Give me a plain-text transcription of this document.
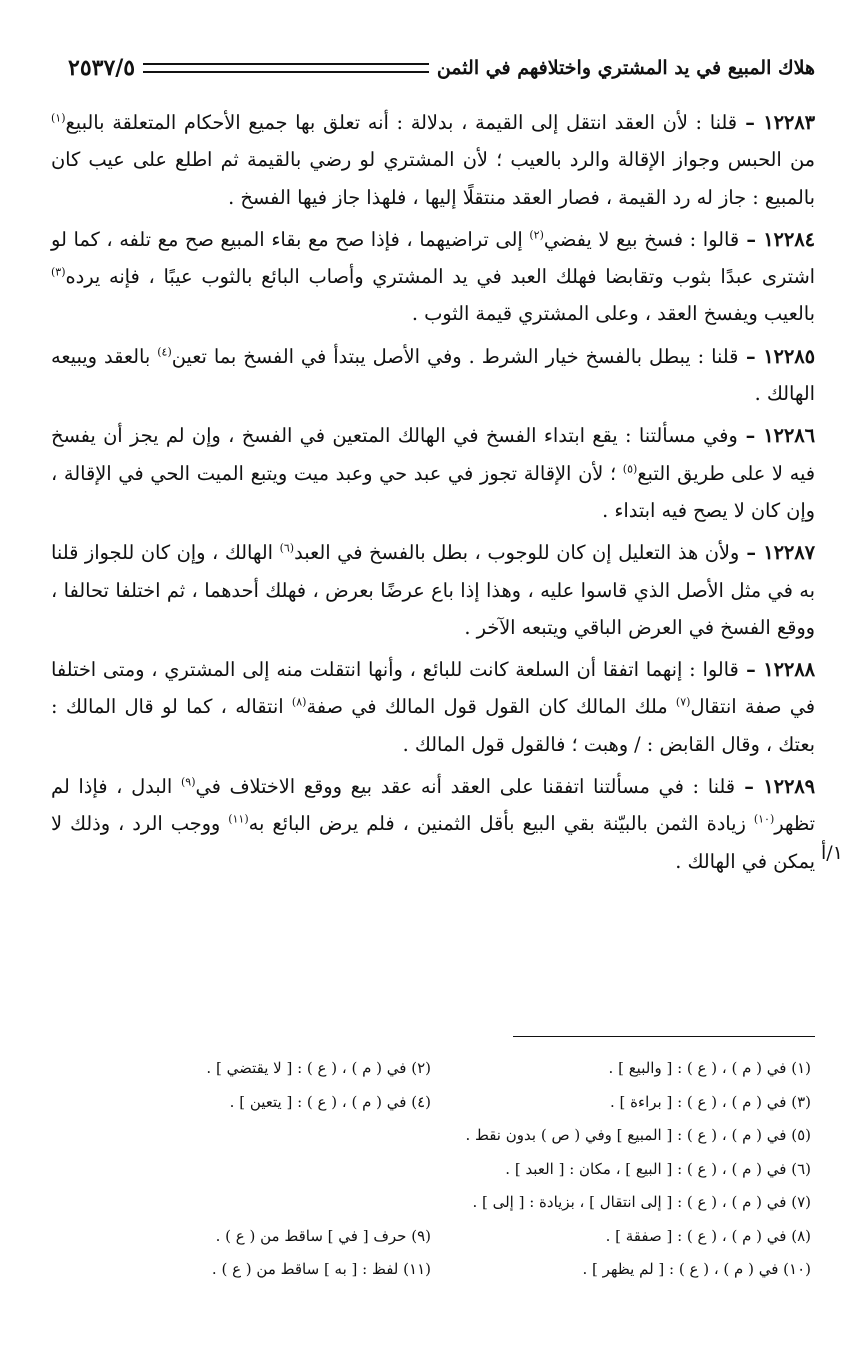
هلاك المبيع في يد المشتري واختلافهم في الثمن
٢٥٣٧/٥
١/أ

١٢٢٨٣ – قلنا : لأن العقد انتقل إلى القيمة ، بدلالة : أنه تعلق بها جميع الأحكام المتعلقة بالبيع$^{(١)}$ من الحبس وجواز الإقالة والرد بالعيب ؛ لأن المشتري لو رضي بالقيمة ثم اطلع على عيب كان بالمبيع : جاز له رد القيمة ، فصار العقد منتقلًا إليها ، فلهذا جاز فيها الفسخ .

١٢٢٨٤ – قالوا : فسخ بيع لا يفضي$^{(٢)}$ إلى تراضيهما ، فإذا صح مع بقاء المبيع صح مع تلفه ، كما لو اشترى عبدًا بثوب وتقابضا فهلك العبد في يد المشتري وأصاب البائع بالثوب عيبًا ، فإنه يرده$^{(٣)}$ بالعيب ويفسخ العقد ، وعلى المشتري قيمة الثوب .

١٢٢٨٥ – قلنا : يبطل بالفسخ خيار الشرط . وفي الأصل يبتدأ في الفسخ بما تعين$^{(٤)}$ بالعقد ويبيعه الهالك .

١٢٢٨٦ – وفي مسألتنا : يقع ابتداء الفسخ في الهالك المتعين في الفسخ ، وإن لم يجز أن يفسخ فيه لا على طريق التبع$^{(٥)}$ ؛ لأن الإقالة تجوز في عبد حي وعبد ميت ويتبع الميت الحي في الإقالة ، وإن كان لا يصح فيه ابتداء .

١٢٢٨٧ – ولأن هذ التعليل إن كان للوجوب ، بطل بالفسخ في العبد$^{(٦)}$ الهالك ، وإن كان للجواز قلنا به في مثل الأصل الذي قاسوا عليه ، وهذا إذا باع عرضًا بعرض ، فهلك أحدهما ، ثم اختلفا تحالفا ، ووقع الفسخ في العرض الباقي ويتبعه الآخر .

١٢٢٨٨ – قالوا : إنهما اتفقا أن السلعة كانت للبائع ، وأنها انتقلت منه إلى المشتري ، ومتى اختلفا في صفة انتقال$^{(٧)}$ ملك المالك كان القول قول المالك في صفة$^{(٨)}$ انتقاله ، كما لو قال المالك : بعتك ، وقال القابض : / وهبت ؛ فالقول قول المالك .

١٢٢٨٩ – قلنا : في مسألتنا اتفقنا على العقد أنه عقد بيع ووقع الاختلاف في$^{(٩)}$ البدل ، فإذا لم تظهر$^{(١٠)}$ زيادة الثمن بالبيّنة بقي البيع بأقل الثمنين ، فلم يرض البائع به$^{(١١)}$ ووجب الرد ، وذلك لا يمكن في الهالك .

(١) في ( م ) ، ( ع ) : [ والبيع ] .
(٢) في ( م ) ، ( ع ) : [ لا يقتضي ] .
(٣) في ( م ) ، ( ع ) : [ براءة ] .
(٤) في ( م ) ، ( ع ) : [ يتعين ] .
(٥) في ( م ) ، ( ع ) : [ المبيع ] وفي ( ص ) بدون نقط .
(٦) في ( م ) ، ( ع ) : [ البيع ] ، مكان : [ العبد ] .
(٧) في ( م ) ، ( ع ) : [ إلى انتقال ] ، بزيادة : [ إلى ] .
(٨) في ( م ) ، ( ع ) : [ صفقة ] .
(٩) حرف [ في ] ساقط من ( ع ) .
(١٠) في ( م ) ، ( ع ) : [ لم يظهر ] .
(١١) لفظ : [ به ] ساقط من ( ع ) .
